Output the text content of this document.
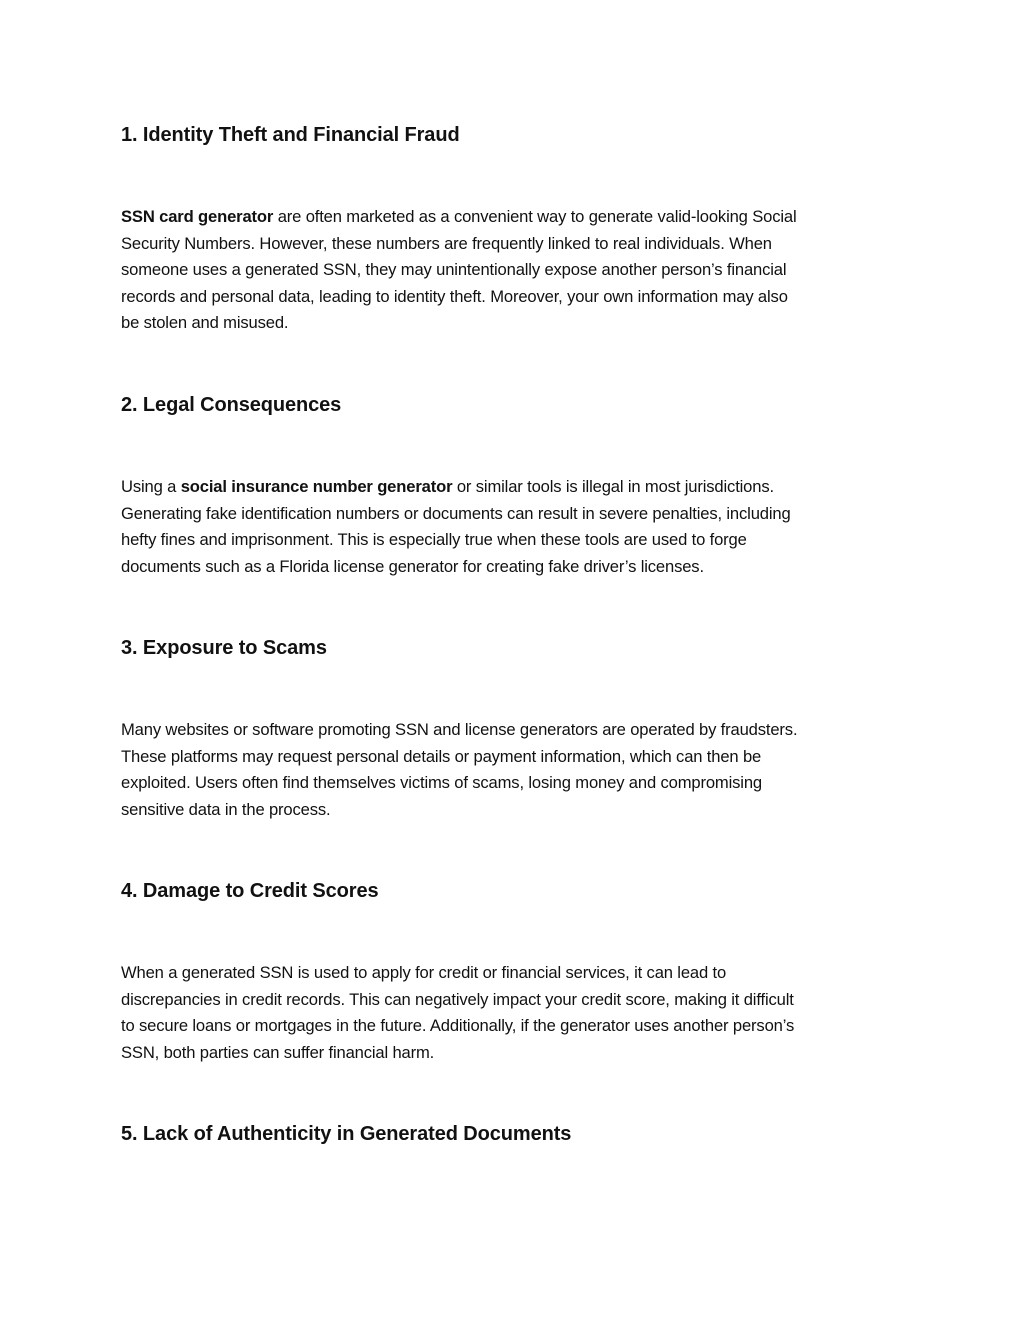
1. Identity Theft and Financial Fraud
SSN card generator are often marketed as a convenient way to generate valid-looking Social
Security Numbers. However, these numbers are frequently linked to real individuals. When
someone uses a generated SSN, they may unintentionally expose another person’s financial
records and personal data, leading to identity theft. Moreover, your own information may also
be stolen and misused.
2. Legal Consequences
Using a social insurance number generator or similar tools is illegal in most jurisdictions.
Generating fake identification numbers or documents can result in severe penalties, including
hefty fines and imprisonment. This is especially true when these tools are used to forge
documents such as a Florida license generator for creating fake driver’s licenses.
3. Exposure to Scams
Many websites or software promoting SSN and license generators are operated by fraudsters.
These platforms may request personal details or payment information, which can then be
exploited. Users often find themselves victims of scams, losing money and compromising
sensitive data in the process.
4. Damage to Credit Scores
When a generated SSN is used to apply for credit or financial services, it can lead to
discrepancies in credit records. This can negatively impact your credit score, making it difficult
to secure loans or mortgages in the future. Additionally, if the generator uses another person’s
SSN, both parties can suffer financial harm.
5. Lack of Authenticity in Generated Documents
